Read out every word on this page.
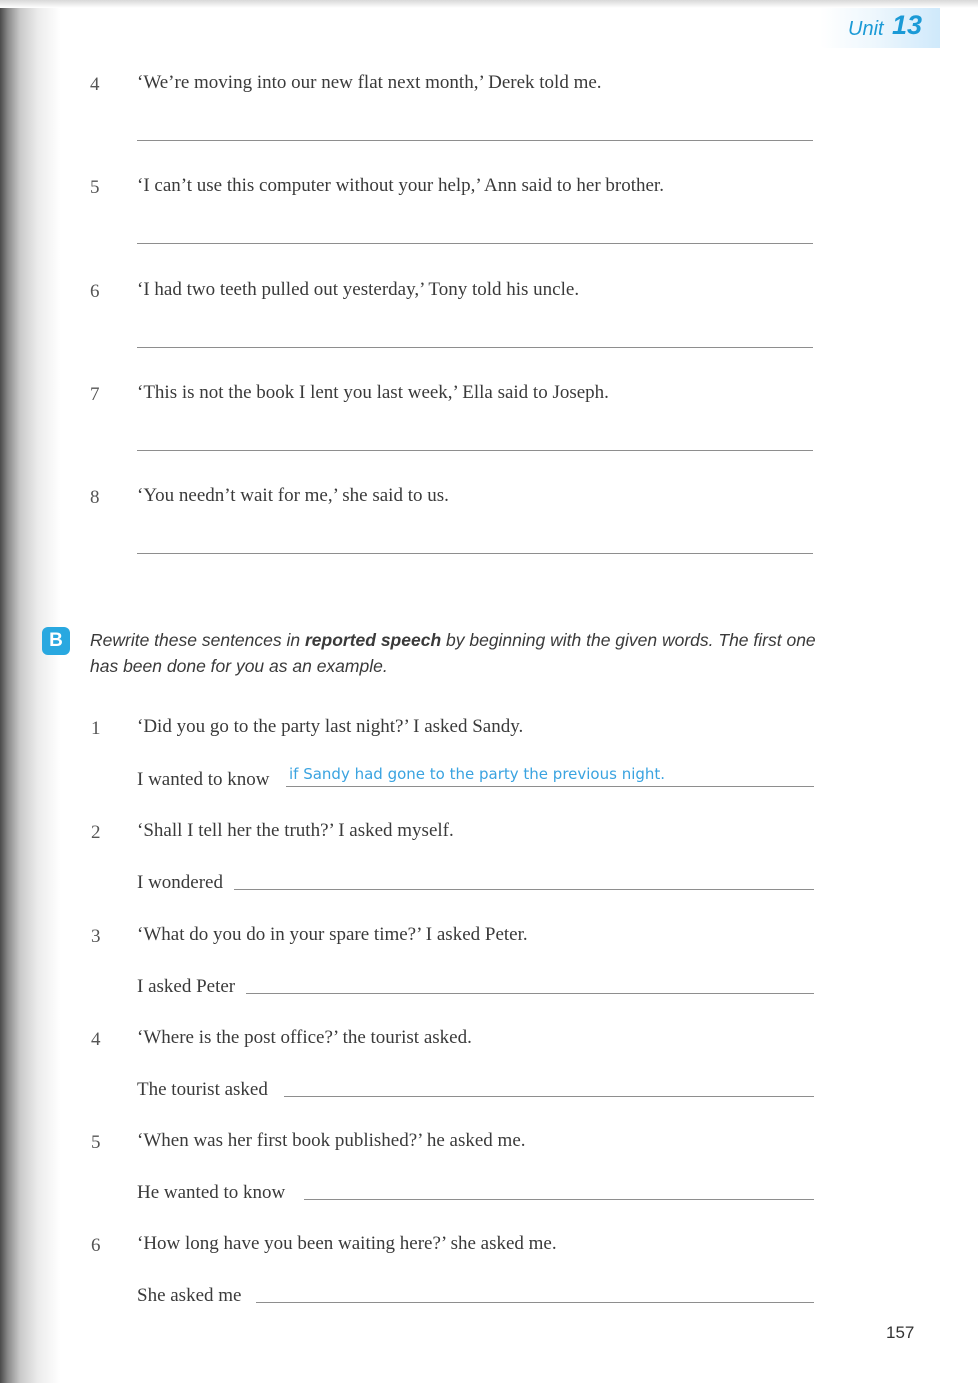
Unit 13
4	‘We’re moving into our new flat next month,’ Derek told me.
5	‘I can’t use this computer without your help,’ Ann said to her brother.
6	‘I had two teeth pulled out yesterday,’ Tony told his uncle.
7	‘This is not the book I lent you last week,’ Ella said to Joseph.
8	‘You needn’t wait for me,’ she said to us.
B	Rewrite these sentences in reported speech by beginning with the given words. The first one has been done for you as an example.
1	‘Did you go to the party last night?’ I asked Sandy.
I wanted to know if Sandy had gone to the party the previous night.
2	‘Shall I tell her the truth?’ I asked myself.
I wondered
3	‘What do you do in your spare time?’ I asked Peter.
I asked Peter
4	‘Where is the post office?’ the tourist asked.
The tourist asked
5	‘When was her first book published?’ he asked me.
He wanted to know
6	‘How long have you been waiting here?’ she asked me.
She asked me
157
